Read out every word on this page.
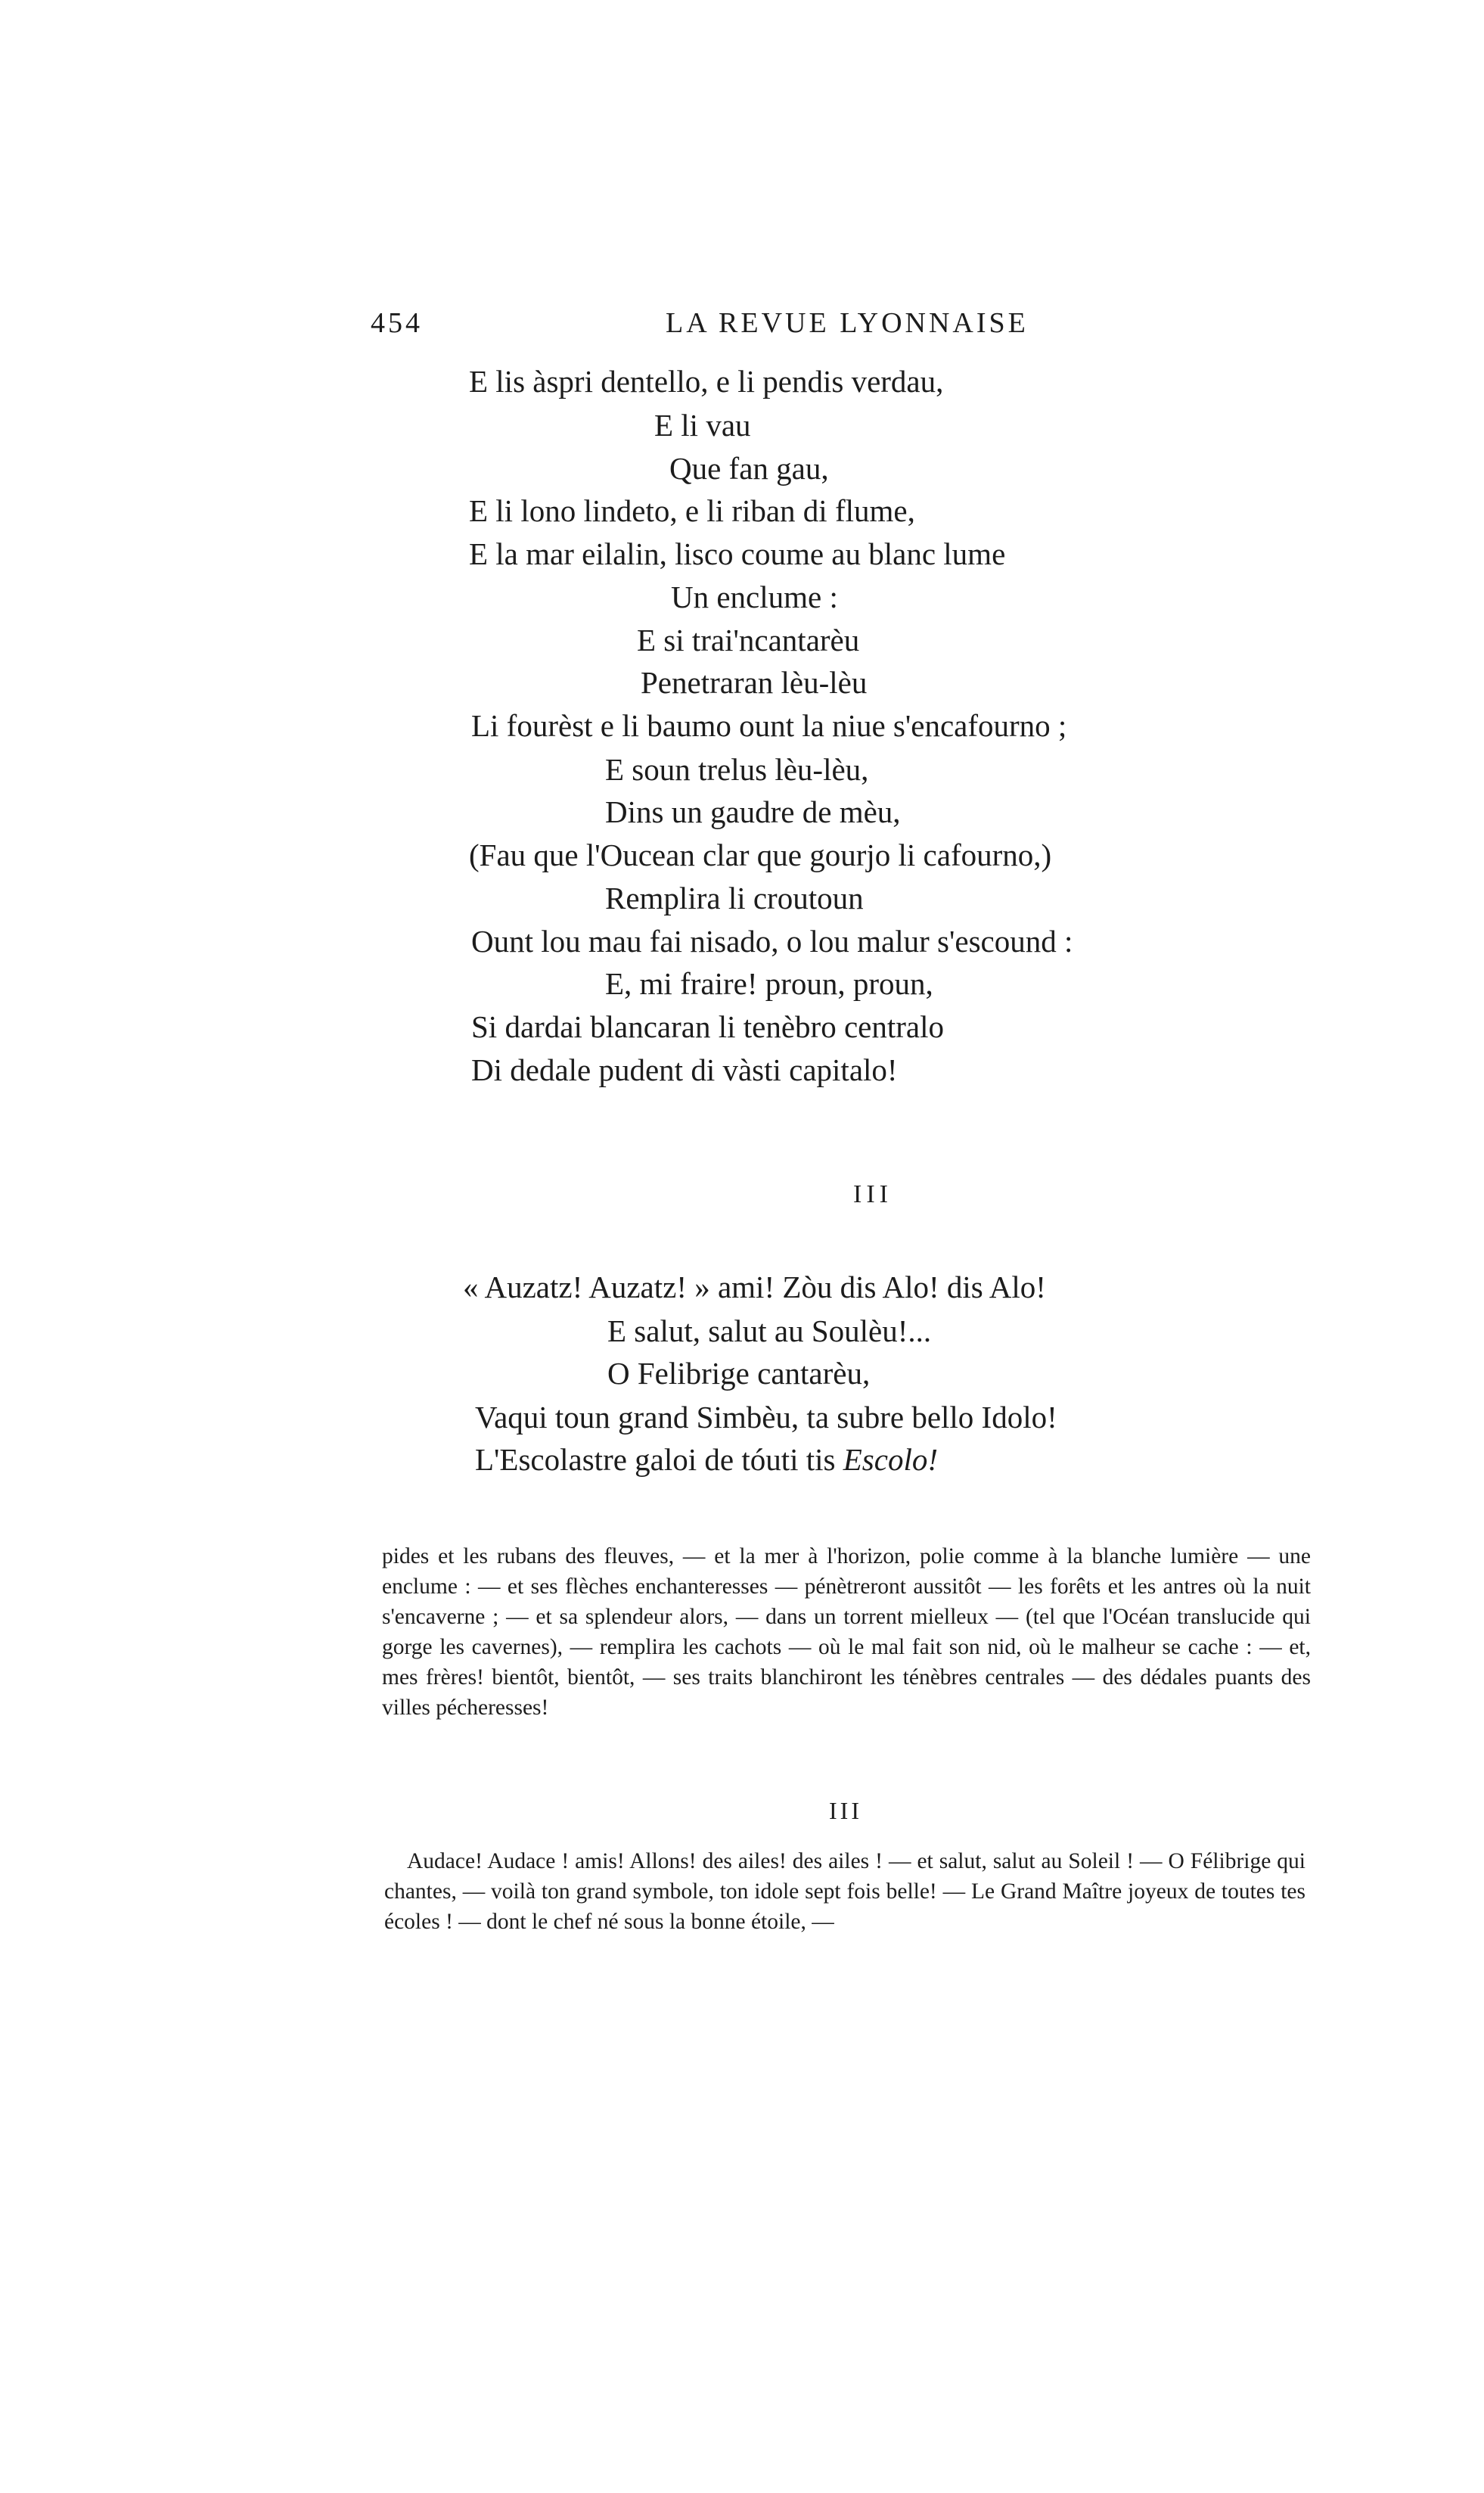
454	LA REVUE LYONNAISE
E lis àspri dentello, e li pendis verdau,
E li vau
Que fan gau,
E li lono lindeto, e li riban di flume,
E la mar eilalin, lisco coume au blanc lume
Un enclume :
E si trai'ncantarèu
Penetraran lèu-lèu
Li fourèst e li baumo ount la niue s'encafourno ;
E soun trelus lèu-lèu,
Dins un gaudre de mèu,
(Fau que l'Oucean clar que gourjo li cafourno,)
Remplira li croutoun
Ount lou mau fai nisado, o lou malur s'escound :
E, mi fraire! proun, proun,
Si dardai blancaran li tenèbro centralo
Di dedale pudent di vàsti capitalo!
III
« Auzatz! Auzatz! » ami! Zòu dis Alo! dis Alo!
E salut, salut au Soulèu!...
O Felibrige cantarèu,
Vaqui toun grand Simbèu, ta subre bello Idolo!
L'Escolastre galoi de tóuti tis Escolo!
pides et les rubans des fleuves, — et la mer à l'horizon, polie comme à la blanche lumière — une enclume : — et ses flèches enchanteresses — pénètreront aussitôt — les forêts et les antres où la nuit s'encaverne ; — et sa splendeur alors, — dans un torrent mielleux — (tel que l'Océan translucide qui gorge les cavernes), — remplira les cachots — où le mal fait son nid, où le malheur se cache : — et, mes frères! bientôt, bientôt, — ses traits blanchiront les ténèbres centrales — des dédales puants des villes pécheresses!
III
Audace! Audace ! amis! Allons! des ailes! des ailes ! — et salut, salut au Soleil ! — O Félibrige qui chantes, — voilà ton grand symbole, ton idole sept fois belle! — Le Grand Maître joyeux de toutes tes écoles ! — dont le chef né sous la bonne étoile, —
